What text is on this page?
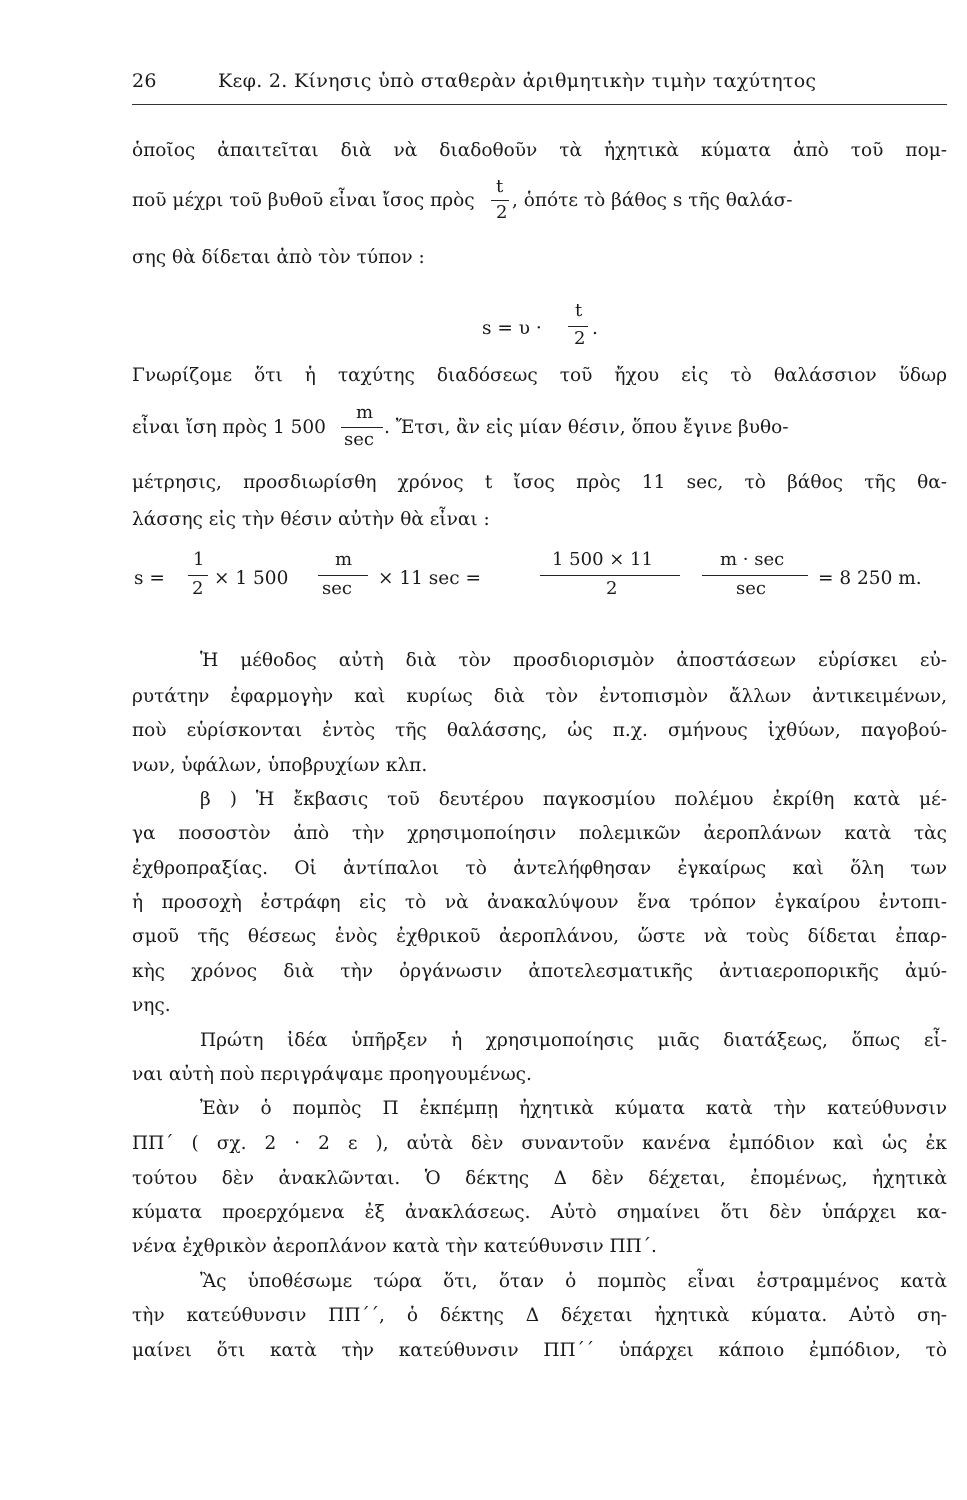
26	Κεφ. 2. Κίνησις ὑπὸ σταθερὰν ἀριθμητικὴν τιμὴν ταχύτητος
ὁποῖος ἀπαιτεῖται διὰ νὰ διαδοθοῦν τὰ ἠχητικὰ κύματα ἀπὸ τοῦ πομ-
ποῦ μέχρι τοῦ βυθοῦ εἶναι ἴσος πρὸς
t
2
, ὁπότε τὸ βάθος s τῆς θαλάσ-
σης θὰ δίδεται ἀπὸ τὸν τύπον :
s = υ ·
t
2 .
Γνωρίζομε ὅτι ἡ ταχύτης διαδόσεως τοῦ ἤχου εἰς τὸ θαλάσσιον ὕδωρ
εἶναι ἴση πρὸς 1 500
m
sec
. Ἔτσι, ἂν εἰς μίαν θέσιν, ὅπου ἔγινε βυθο-
μέτρησις, προσδιωρίσθη χρόνος t ἴσος πρὸς 11 sec, τὸ βάθος τῆς θα-
λάσσης εἰς τὴν θέσιν αὐτὴν θὰ εἶναι :
s =
1
2 × 1 500
m
sec × 11 sec =
1 500 × 11
2
m · sec
sec	= 8 250 m.
Ἡ μέθοδος αὐτὴ διὰ τὸν προσδιορισμὸν ἀποστάσεων εὑρίσκει εὐ-
ρυτάτην ἐφαρμογὴν καὶ κυρίως διὰ τὸν ἐντοπισμὸν ἄλλων ἀντικειμένων,
ποὺ εὑρίσκονται ἐντὸς τῆς θαλάσσης, ὡς π.χ. σμήνους ἰχθύων, παγοβού-
νων, ὑφάλων, ὑποβρυχίων κλπ.
β ) Ἡ ἔκβασις τοῦ δευτέρου παγκοσμίου πολέμου ἐκρίθη κατὰ μέ-
γα ποσοστὸν ἀπὸ τὴν χρησιμοποίησιν πολεμικῶν ἀεροπλάνων κατὰ τὰς
ἐχθροπραξίας. Οἱ ἀντίπαλοι τὸ ἀντελήφθησαν ἐγκαίρως καὶ ὅλη των
ἡ προσοχὴ ἐστράφη εἰς τὸ νὰ ἀνακαλύψουν ἕνα τρόπον ἐγκαίρου ἐντοπι-
σμοῦ τῆς θέσεως ἑνὸς ἐχθρικοῦ ἀεροπλάνου, ὥστε νὰ τοὺς δίδεται ἐπαρ-
κὴς χρόνος διὰ τὴν ὀργάνωσιν ἀποτελεσματικῆς ἀντιαεροπορικῆς ἀμύ-
νης.
Πρώτη ἰδέα ὑπῆρξεν ἡ χρησιμοποίησις μιᾶς διατάξεως, ὅπως εἶ-
ναι αὐτὴ ποὺ περιγράψαμε προηγουμένως.
Ἐὰν ὁ πομπὸς Π ἐκπέμπῃ ἠχητικὰ κύματα κατὰ τὴν κατεύθυνσιν
ΠΠ΄ ( σχ. 2 · 2 ε ), αὐτὰ δὲν συναντοῦν κανένα ἐμπόδιον καὶ ὡς ἐκ
τούτου δὲν ἀνακλῶνται. Ὁ δέκτης Δ δὲν δέχεται, ἐπομένως, ἠχητικὰ
κύματα προερχόμενα ἐξ ἀνακλάσεως. Αὐτὸ σημαίνει ὅτι δὲν ὑπάρχει κα-
νένα ἐχθρικὸν ἀεροπλάνον κατὰ τὴν κατεύθυνσιν ΠΠ΄.
Ἂς ὑποθέσωμε τώρα ὅτι, ὅταν ὁ πομπὸς εἶναι ἐστραμμένος κατὰ
τὴν κατεύθυνσιν ΠΠ΄΄, ὁ δέκτης Δ δέχεται ἠχητικὰ κύματα. Αὐτὸ ση-
μαίνει ὅτι κατὰ τὴν κατεύθυνσιν ΠΠ΄΄ ὑπάρχει κάποιο ἐμπόδιον, τὸ
